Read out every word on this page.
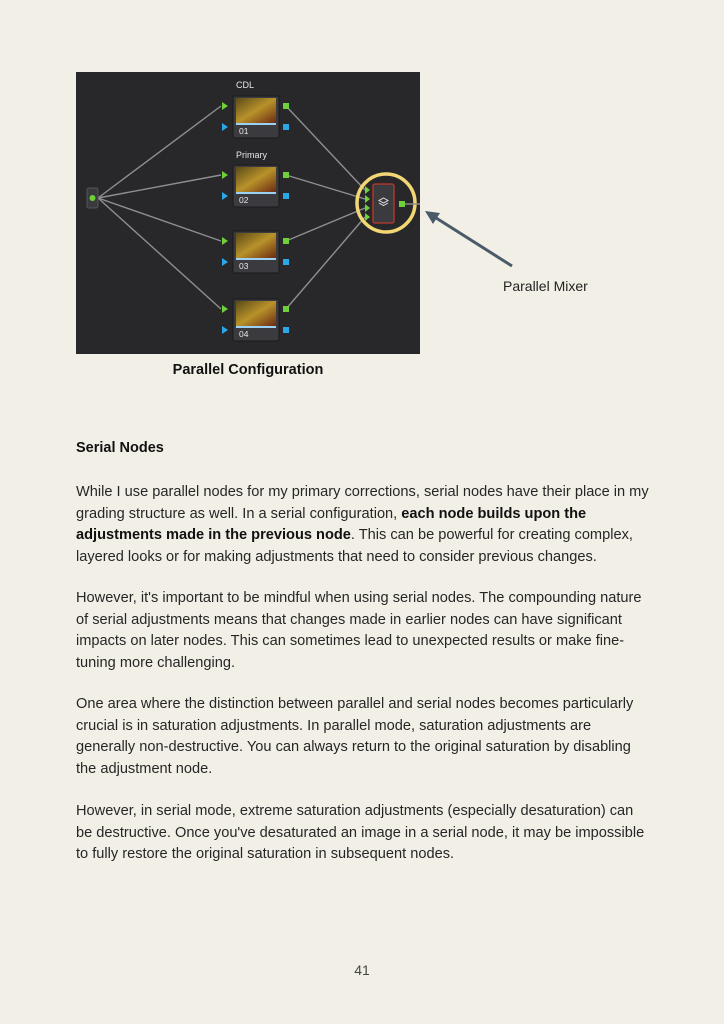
CDL
01
Primary
02
03
04
Parallel Mixer
Parallel Configuration
Serial Nodes

While I use parallel nodes for my primary corrections, serial nodes have their place in my grading structure as well. In a serial configuration, each node builds upon the adjustments made in the previous node. This can be powerful for creating complex, layered looks or for making adjustments that need to consider previous changes.

However, it's important to be mindful when using serial nodes. The compounding nature of serial adjustments means that changes made in earlier nodes can have significant impacts on later nodes. This can sometimes lead to unexpected results or make fine-tuning more challenging.

One area where the distinction between parallel and serial nodes becomes particularly crucial is in saturation adjustments. In parallel mode, saturation adjustments are generally non-destructive. You can always return to the original saturation by disabling the adjustment node.

However, in serial mode, extreme saturation adjustments (especially desaturation) can be destructive. Once you've desaturated an image in a serial node, it may be impossible to fully restore the original saturation in subsequent nodes.

41
